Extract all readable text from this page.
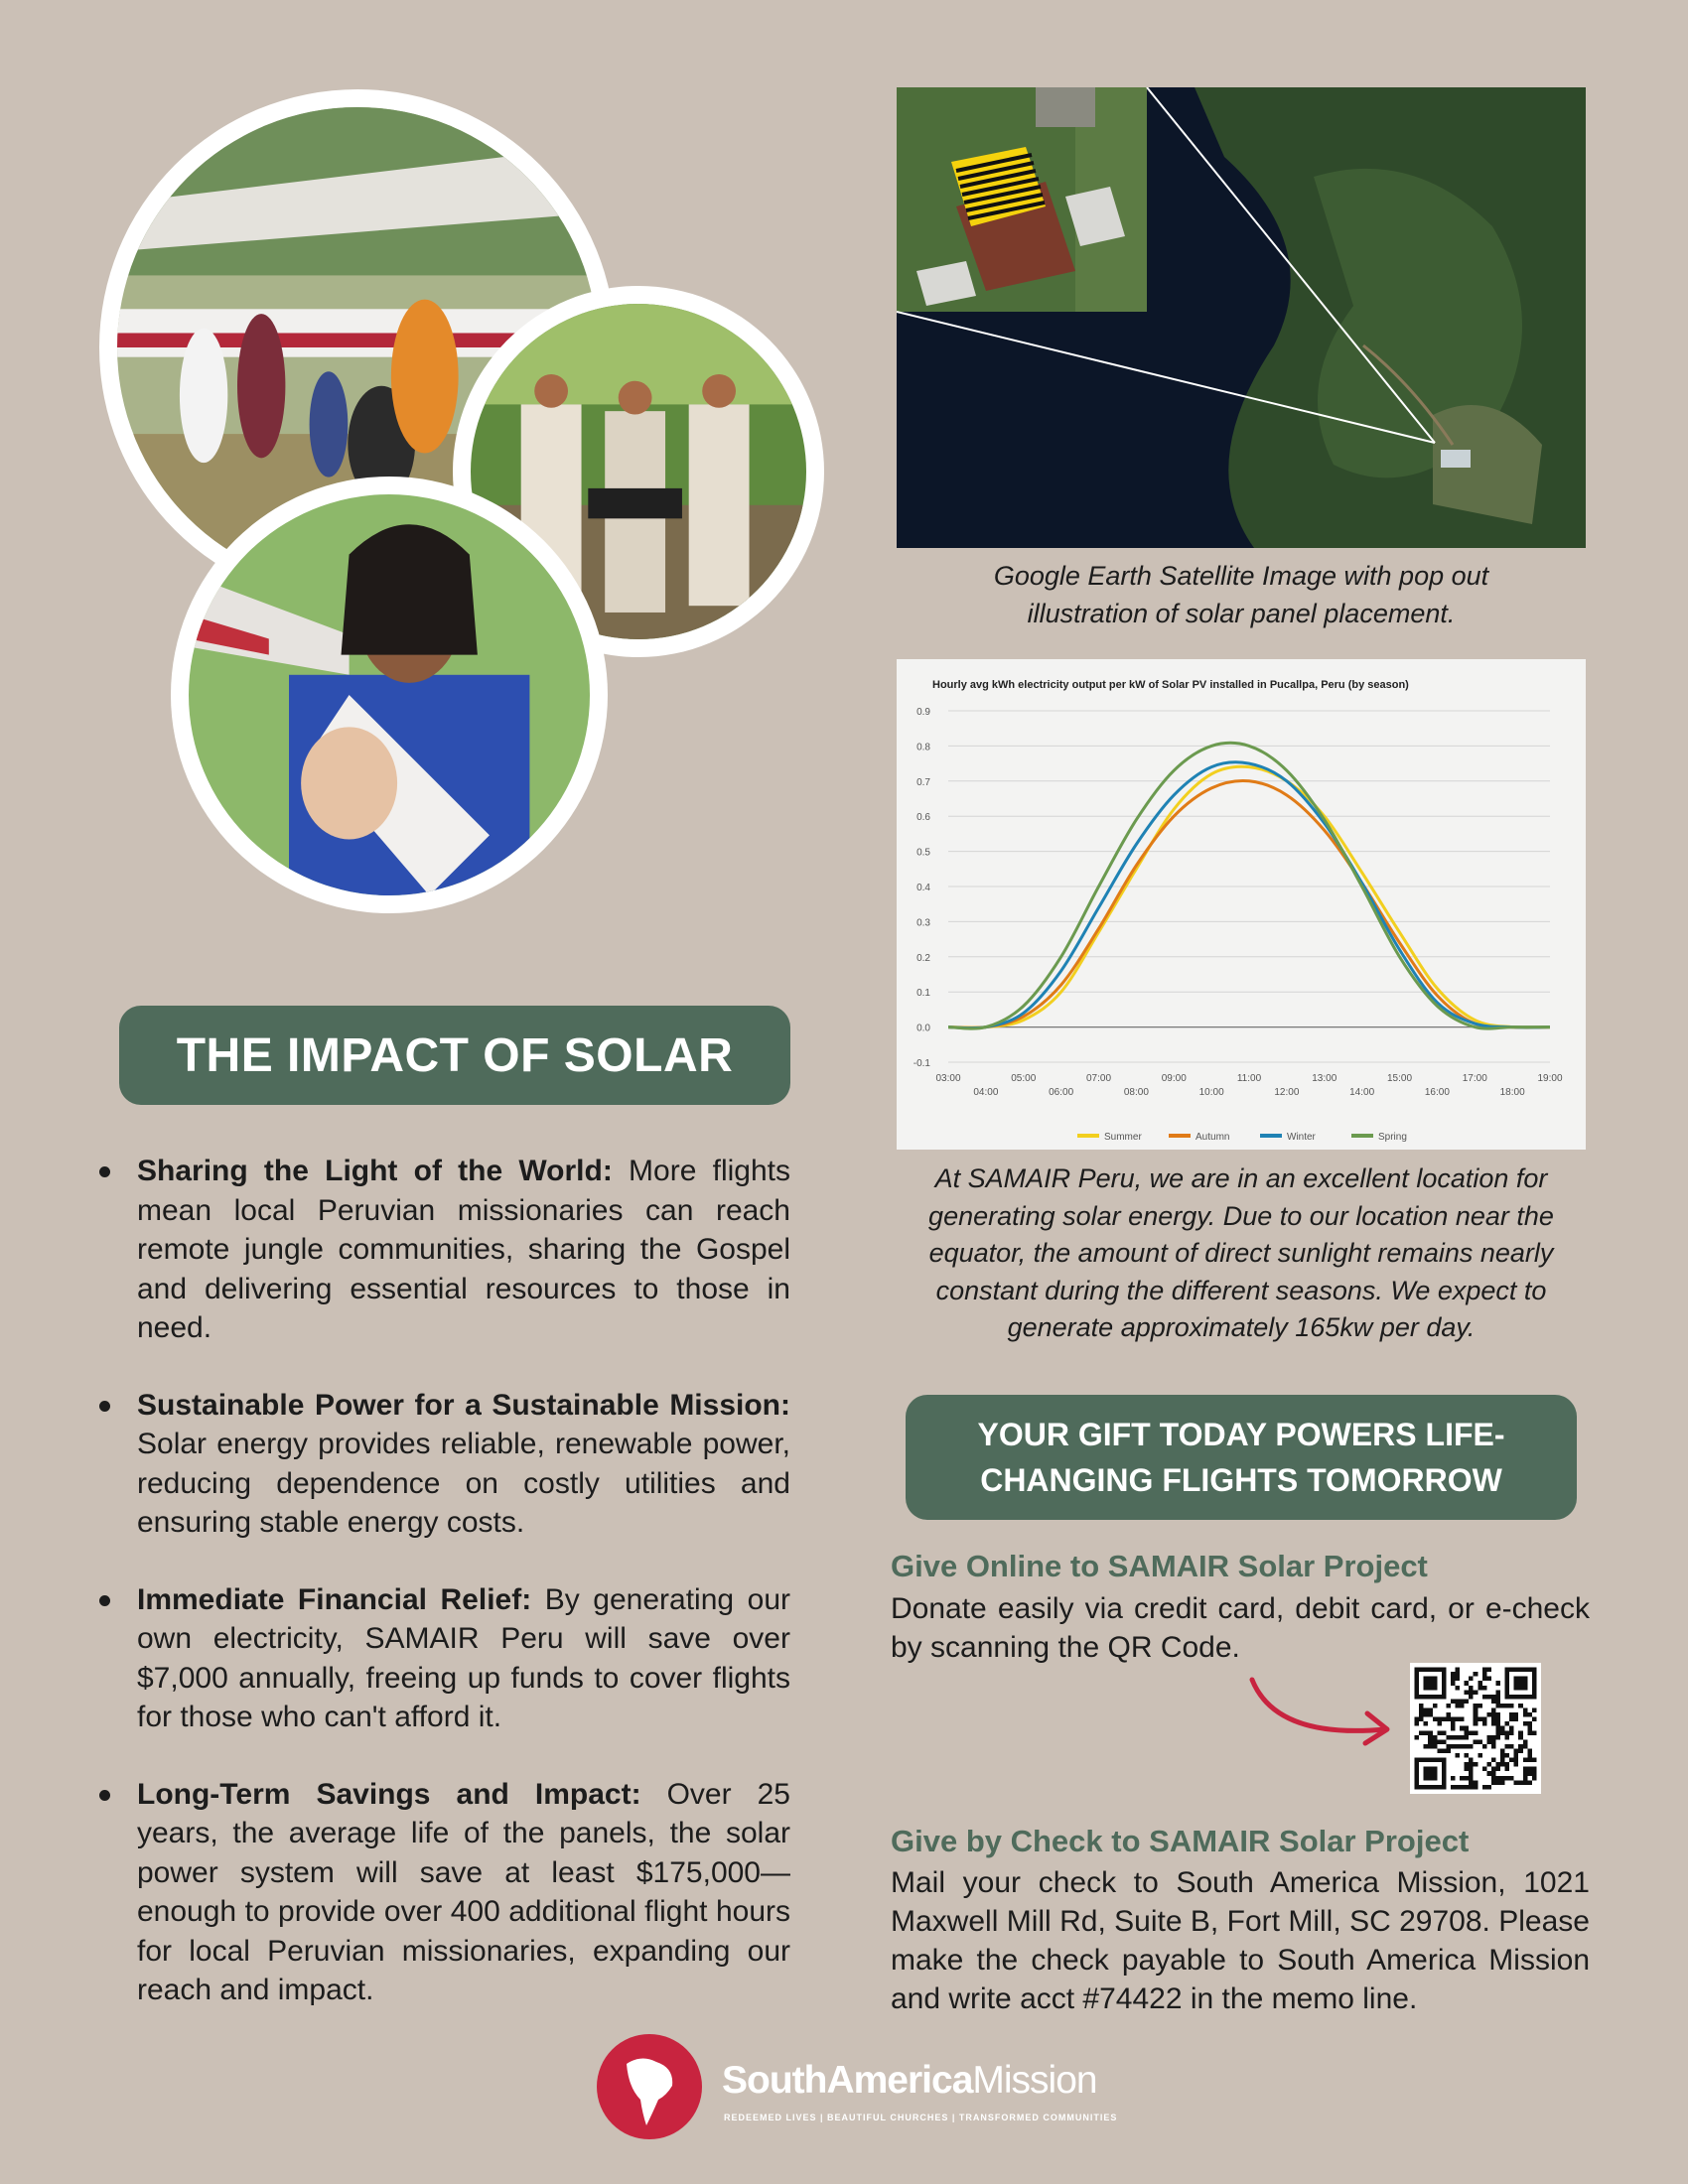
Google Earth Satellite Image with pop out illustration of solar panel placement.
Hourly avg kWh electricity output per kW of Solar PV installed in Pucallpa, Peru (by season)
03:00
04:00
05:00
06:00
07:00
08:00
09:00
10:00
11:00
12:00
13:00
14:00
15:00
16:00
17:00
18:00
19:00
-0.1
0.0
0.1
0.2
0.3
0.4
0.5
0.6
0.7
0.8
0.9
Summer	Autumn	Winter	Spring
At SAMAIR Peru, we are in an excellent location for generating solar energy. Due to our location near the equator, the amount of direct sunlight remains nearly constant during the different seasons. We expect to generate approximately 165kw per day.
THE IMPACT OF SOLAR
Sharing the Light of the World: More flights mean local Peruvian missionaries can reach remote jungle communities, sharing the Gospel and delivering essential resources to those in need.
Sustainable Power for a Sustainable Mission: Solar energy provides reliable, renewable power, reducing dependence on costly utilities and ensuring stable energy costs.
Immediate Financial Relief: By generating our own electricity, SAMAIR Peru will save over $7,000 annually, freeing up funds to cover flights for those who can't afford it.
Long-Term Savings and Impact: Over 25 years, the average life of the panels, the solar power system will save at least $175,000—enough to provide over 400 additional flight hours for local Peruvian missionaries, expanding our reach and impact.
YOUR GIFT TODAY POWERS LIFE-CHANGING FLIGHTS TOMORROW
Give Online to SAMAIR Solar Project
Donate easily via credit card, debit card, or e-check by scanning the QR Code.
Give by Check to SAMAIR Solar Project
Mail your check to South America Mission, 1021 Maxwell Mill Rd, Suite B, Fort Mill, SC 29708. Please make the check payable to South America Mission and write acct #74422 in the memo line.
SouthAmericaMission
REDEEMED LIVES | BEAUTIFUL CHURCHES | TRANSFORMED COMMUNITIES
